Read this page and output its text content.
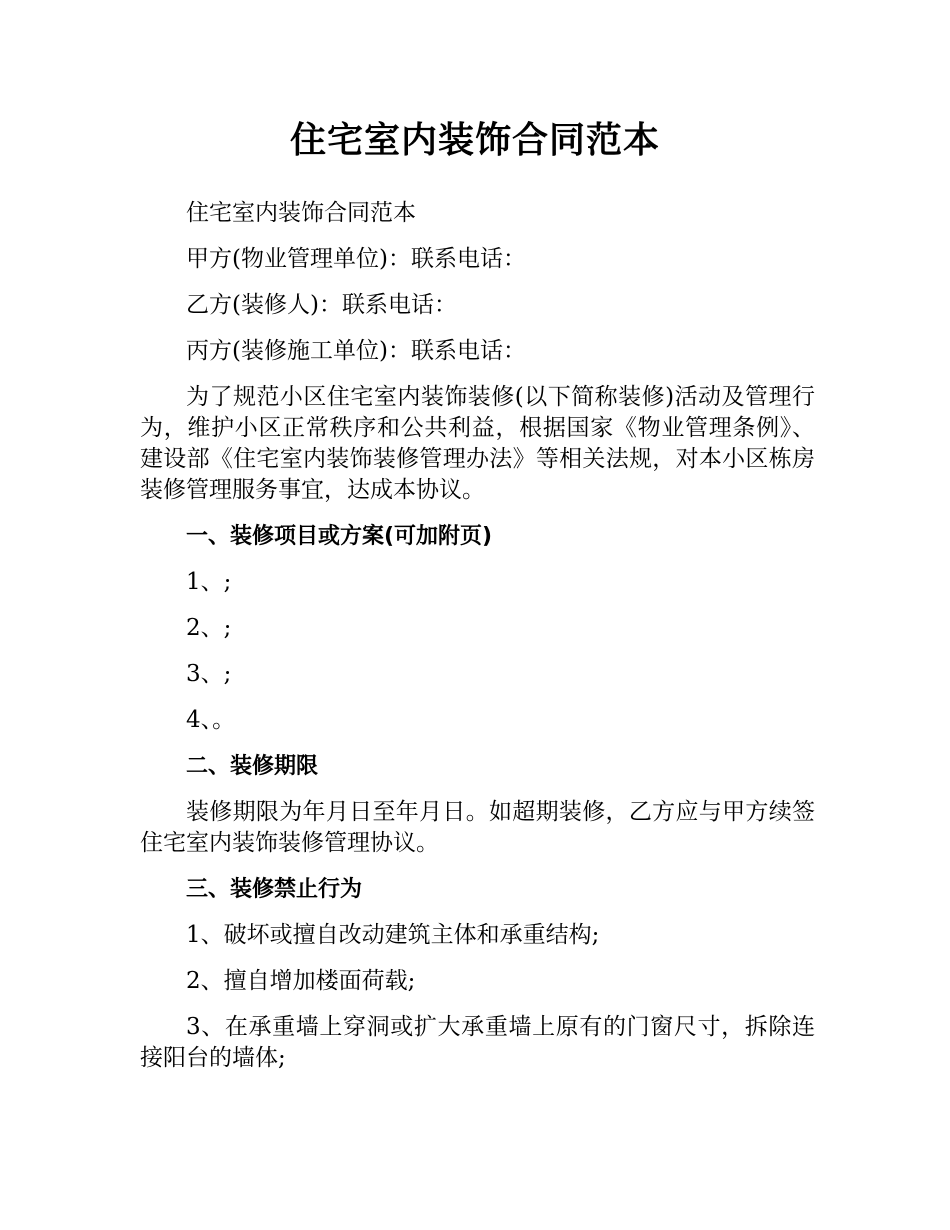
住宅室内装饰合同范本

住宅室内装饰合同范本

甲方(物业管理单位)：联系电话：

乙方(装修人)：联系电话：

丙方(装修施工单位)：联系电话：

为了规范小区住宅室内装饰装修(以下简称装修)活动及管理行为，维护小区正常秩序和公共利益，根据国家《物业管理条例》、建设部《住宅室内装饰装修管理办法》等相关法规，对本小区栋房装修管理服务事宜，达成本协议。

一、装修项目或方案(可加附页)

1、;

2、;

3、;

4、。

二、装修期限

装修期限为年月日至年月日。如超期装修，乙方应与甲方续签住宅室内装饰装修管理协议。

三、装修禁止行为

1、破坏或擅自改动建筑主体和承重结构;

2、擅自增加楼面荷载;

3、在承重墙上穿洞或扩大承重墙上原有的门窗尺寸，拆除连接阳台的墙体;
